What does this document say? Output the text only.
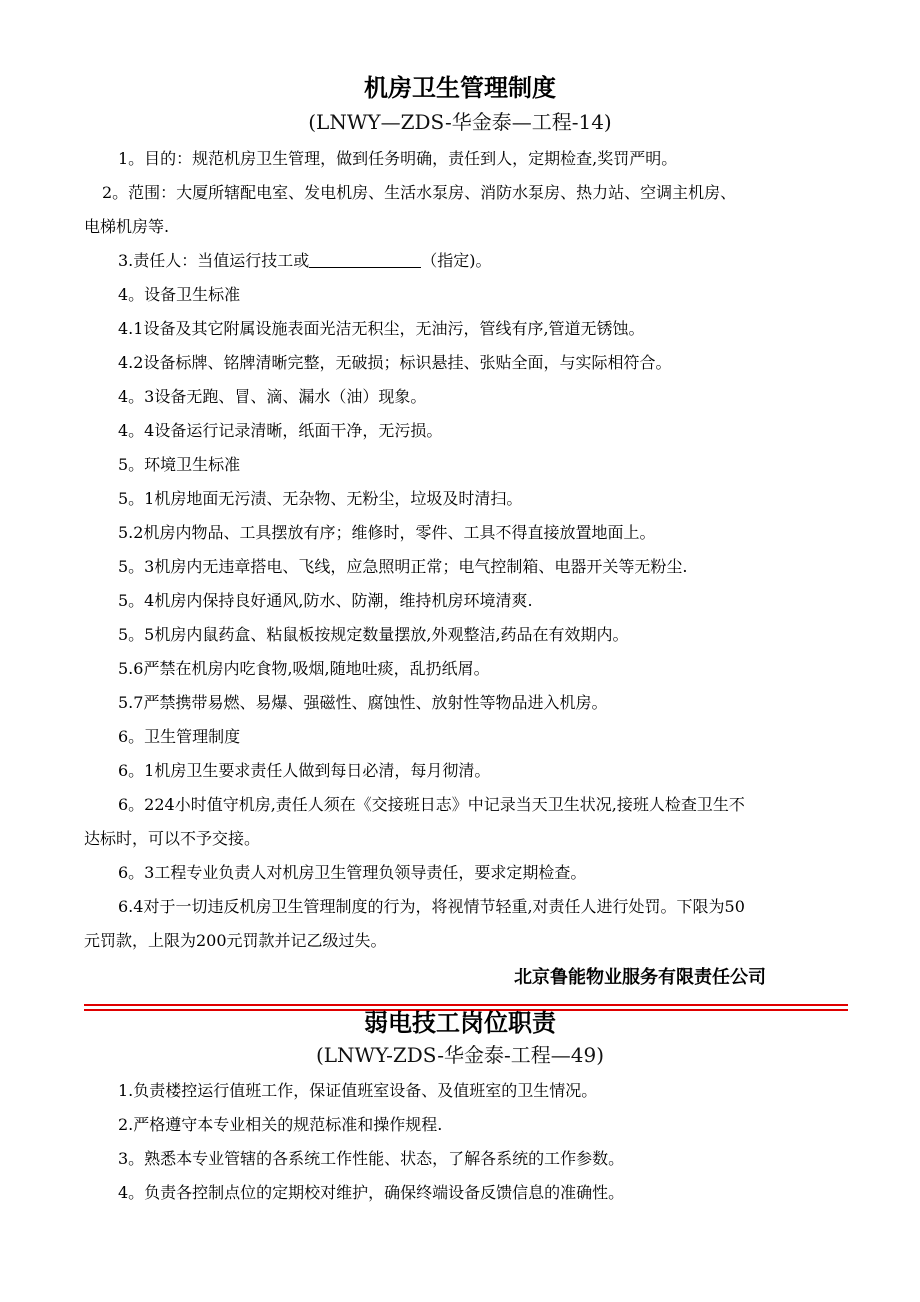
机房卫生管理制度
(LNWY—ZDS-华金泰—工程-14)
1。目的：规范机房卫生管理，做到任务明确，责任到人，定期检查,奖罚严明。
2。范围：大厦所辖配电室、发电机房、生活水泵房、消防水泵房、热力站、空调主机房、
电梯机房等.
3.责任人：当值运行技工或	（指定)。
4。设备卫生标准
4.1设备及其它附属设施表面光洁无积尘，无油污，管线有序,管道无锈蚀。
4.2设备标牌、铭牌清晰完整，无破损；标识悬挂、张贴全面，与实际相符合。
4。3设备无跑、冒、滴、漏水（油）现象。
4。4设备运行记录清晰，纸面干净，无污损。
5。环境卫生标准
5。1机房地面无污渍、无杂物、无粉尘，垃圾及时清扫。
5.2机房内物品、工具摆放有序；维修时，零件、工具不得直接放置地面上。
5。3机房内无违章搭电、飞线，应急照明正常；电气控制箱、电器开关等无粉尘.
5。4机房内保持良好通风,防水、防潮，维持机房环境清爽.
5。5机房内鼠药盒、粘鼠板按规定数量摆放,外观整洁,药品在有效期内。
5.6严禁在机房内吃食物,吸烟,随地吐痰，乱扔纸屑。
5.7严禁携带易燃、易爆、强磁性、腐蚀性、放射性等物品进入机房。
6。卫生管理制度
6。1机房卫生要求责任人做到每日必清，每月彻清。
6。224小时值守机房,责任人须在《交接班日志》中记录当天卫生状况,接班人检查卫生不
达标时，可以不予交接。
6。3工程专业负责人对机房卫生管理负领导责任，要求定期检查。
6.4对于一切违反机房卫生管理制度的行为，将视情节轻重,对责任人进行处罚。下限为50
元罚款，上限为200元罚款并记乙级过失。
北京鲁能物业服务有限责任公司
弱电技工岗位职责
(LNWY-ZDS-华金泰-工程—49)
1.负责楼控运行值班工作，保证值班室设备、及值班室的卫生情况。
2.严格遵守本专业相关的规范标准和操作规程.
3。熟悉本专业管辖的各系统工作性能、状态，了解各系统的工作参数。
4。负责各控制点位的定期校对维护，确保终端设备反馈信息的准确性。
